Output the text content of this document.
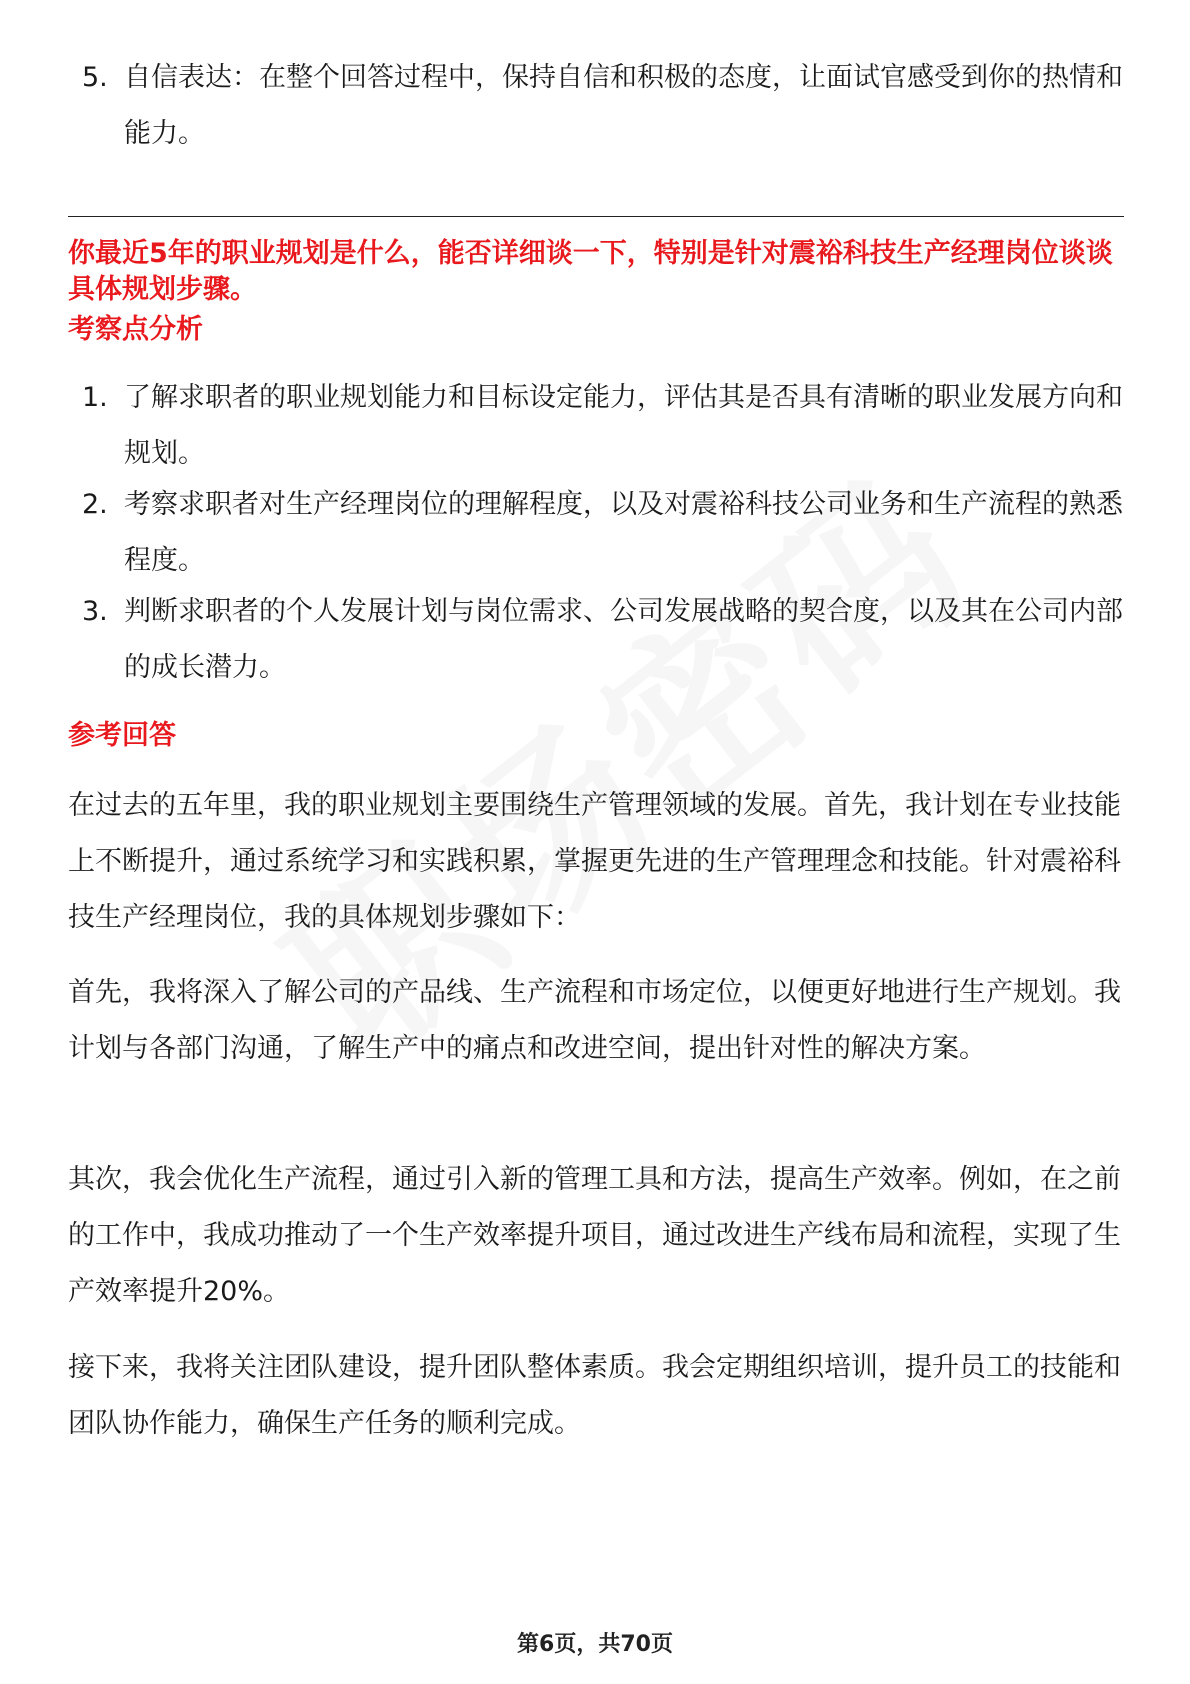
5. 自信表达：在整个回答过程中，保持自信和积极的态度，让面试官感受到你的热情和能力。
你最近5年的职业规划是什么，能否详细谈一下，特别是针对震裕科技生产经理岗位谈谈具体规划步骤。
考察点分析
1. 了解求职者的职业规划能力和目标设定能力，评估其是否具有清晰的职业发展方向和规划。
2. 考察求职者对生产经理岗位的理解程度，以及对震裕科技公司业务和生产流程的熟悉程度。
3. 判断求职者的个人发展计划与岗位需求、公司发展战略的契合度，以及其在公司内部的成长潜力。
参考回答
在过去的五年里，我的职业规划主要围绕生产管理领域的发展。首先，我计划在专业技能上不断提升，通过系统学习和实践积累，掌握更先进的生产管理理念和技能。针对震裕科技生产经理岗位，我的具体规划步骤如下：
首先，我将深入了解公司的产品线、生产流程和市场定位，以便更好地进行生产规划。我计划与各部门沟通，了解生产中的痛点和改进空间，提出针对性的解决方案。
其次，我会优化生产流程，通过引入新的管理工具和方法，提高生产效率。例如，在之前的工作中，我成功推动了一个生产效率提升项目，通过改进生产线布局和流程，实现了生产效率提升20%。
接下来，我将关注团队建设，提升团队整体素质。我会定期组织培训，提升员工的技能和团队协作能力，确保生产任务的顺利完成。
第6页，共70页
